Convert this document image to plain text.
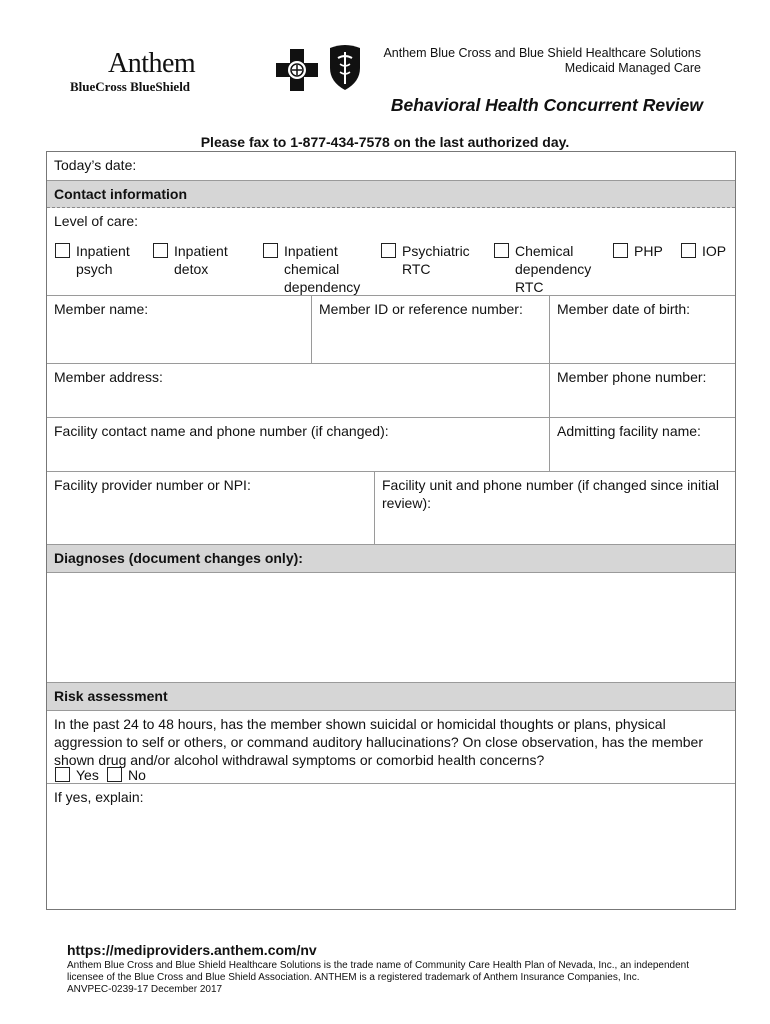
Anthem
BlueCross BlueShield
Anthem Blue Cross and Blue Shield Healthcare Solutions
Medicaid Managed Care
Behavioral Health Concurrent Review
Please fax to 1-877-434-7578 on the last authorized day.
Today’s date:
Contact information
Level of care:
Inpatient
psych
Inpatient
detox
Inpatient
chemical
dependency
Psychiatric
RTC
Chemical
dependency
RTC
PHP	IOP
Member name:	Member ID or reference number:	Member date of birth:
Member address:	Member phone number:
Facility contact name and phone number (if changed):	Admitting facility name:
Facility provider number or NPI:	Facility unit and phone number (if changed since initial review):
Diagnoses (document changes only):
Risk assessment
In the past 24 to 48 hours, has the member shown suicidal or homicidal thoughts or plans, physical aggression to self or others, or command auditory hallucinations? On close observation, has the member shown drug and/or alcohol withdrawal symptoms or comorbid health concerns?
Yes No
If yes, explain:
https://mediproviders.anthem.com/nv
Anthem Blue Cross and Blue Shield Healthcare Solutions is the trade name of Community Care Health Plan of Nevada, Inc., an independent
licensee of the Blue Cross and Blue Shield Association. ANTHEM is a registered trademark of Anthem Insurance Companies, Inc.
ANVPEC-0239-17 December 2017
